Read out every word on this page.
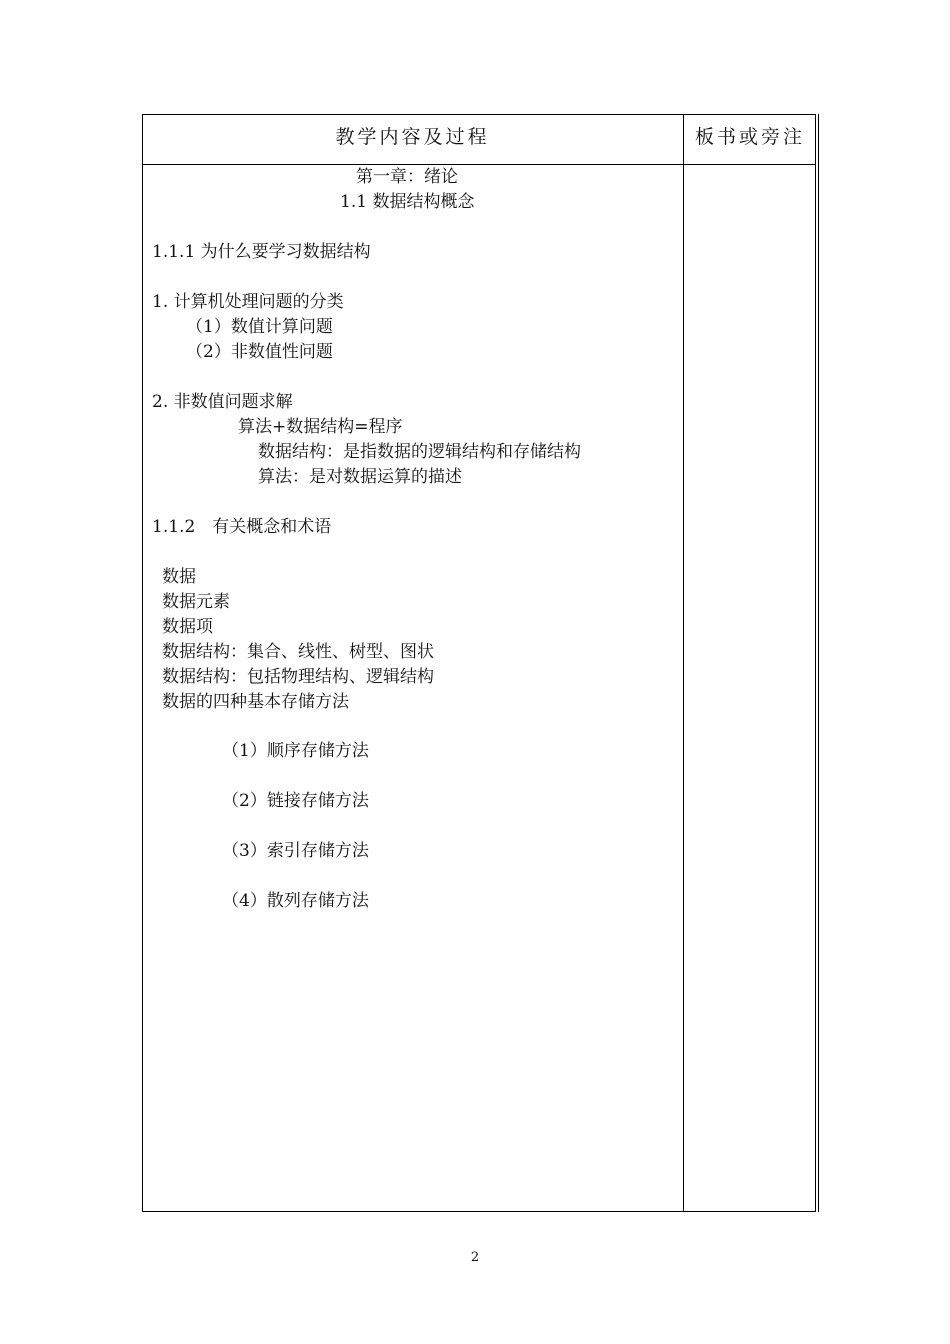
教学内容及过程	板书或旁注
第一章：绪论
1.1 数据结构概念
1.1.1 为什么要学习数据结构
1. 计算机处理问题的分类
（1）数值计算问题
（2）非数值性问题
2. 非数值问题求解
算法+数据结构=程序
数据结构：是指数据的逻辑结构和存储结构
算法：是对数据运算的描述
1.1.2　有关概念和术语
数据
数据元素
数据项
数据结构：集合、线性、树型、图状
数据结构：包括物理结构、逻辑结构
数据的四种基本存储方法
（1）顺序存储方法
（2）链接存储方法
（3）索引存储方法
（4）散列存储方法
2
